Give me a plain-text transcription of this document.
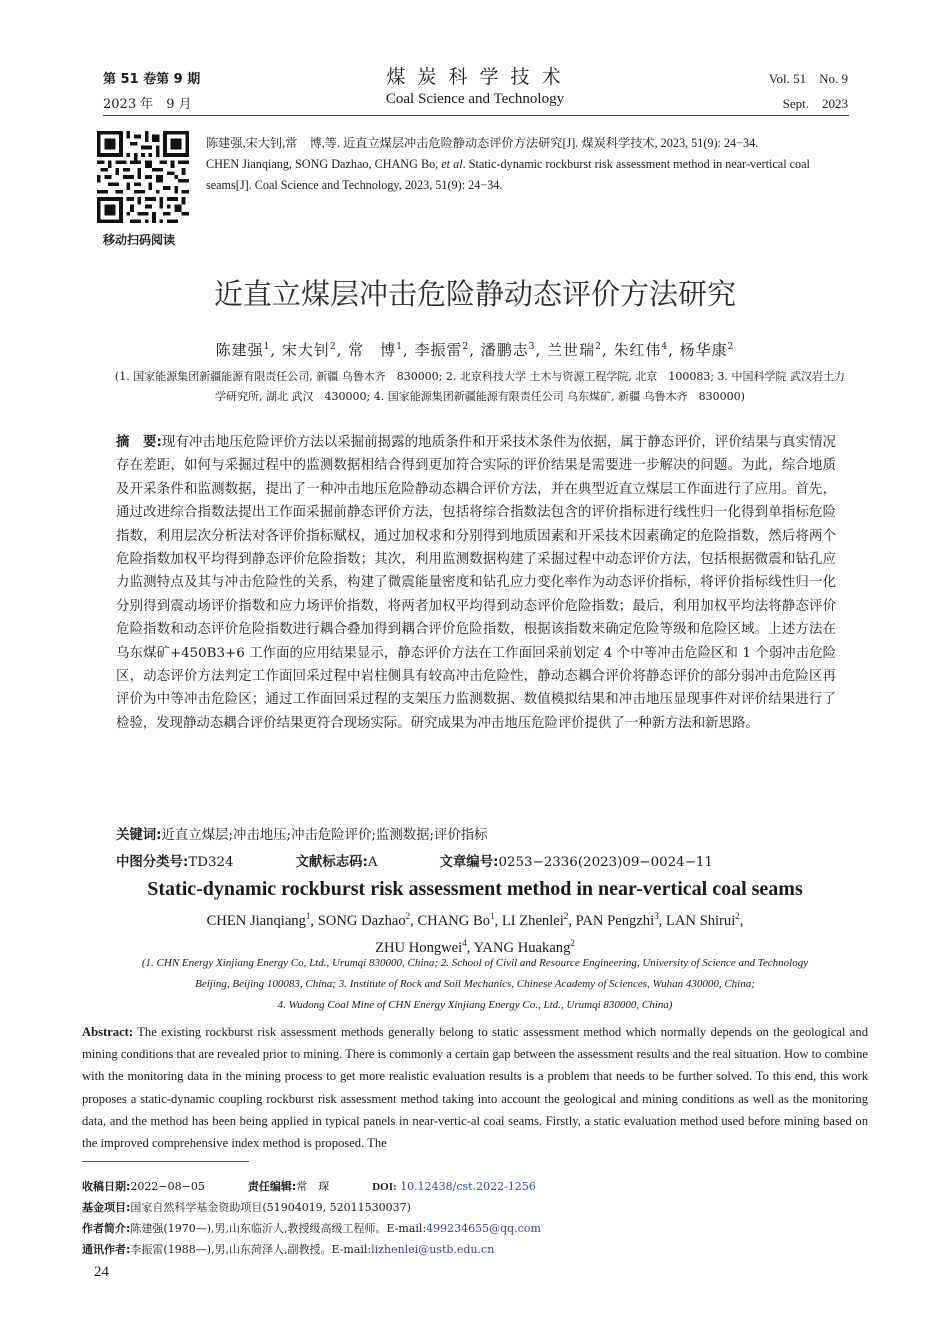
第 51 卷第 9 期
2023 年　9 月
煤 炭 科 学 技 术
Coal Science and Technology
Vol. 51　No. 9
Sept.　2023
移动扫码阅读
陈建强,宋大钊,常　博,等. 近直立煤层冲击危险静动态评价方法研究[J]. 煤炭科学技术, 2023, 51(9): 24−34.
CHEN Jianqiang, SONG Dazhao, CHANG Bo, et al. Static-dynamic rockburst risk assessment method in near-vertical coal seams[J]. Coal Science and Technology, 2023, 51(9): 24−34.
近直立煤层冲击危险静动态评价方法研究
陈建强$^1$, 宋大钊$^2$, 常　博$^1$, 李振雷$^2$, 潘鹏志$^3$, 兰世瑞$^2$, 朱红伟$^4$, 杨华康$^2$
(1. 国家能源集团新疆能源有限责任公司, 新疆 乌鲁木齐　830000; 2. 北京科技大学 土木与资源工程学院, 北京　100083; 3. 中国科学院 武汉岩土力
学研究所, 湖北 武汉　430000; 4. 国家能源集团新疆能源有限责任公司 乌东煤矿, 新疆 乌鲁木齐　830000)
摘　要:现有冲击地压危险评价方法以采掘前揭露的地质条件和开采技术条件为依据，属于静态评价，评价结果与真实情况存在差距，如何与采掘过程中的监测数据相结合得到更加符合实际的评价结果是需要进一步解决的问题。为此，综合地质及开采条件和监测数据，提出了一种冲击地压危险静动态耦合评价方法，并在典型近直立煤层工作面进行了应用。首先，通过改进综合指数法提出工作面采掘前静态评价方法，包括将综合指数法包含的评价指标进行线性归一化得到单指标危险指数，利用层次分析法对各评价指标赋权，通过加权求和分别得到地质因素和开采技术因素确定的危险指数，然后将两个危险指数加权平均得到静态评价危险指数；其次，利用监测数据构建了采掘过程中动态评价方法，包括根据微震和钻孔应力监测特点及其与冲击危险性的关系，构建了微震能量密度和钻孔应力变化率作为动态评价指标，将评价指标线性归一化分别得到震动场评价指数和应力场评价指数，将两者加权平均得到动态评价危险指数；最后，利用加权平均法将静态评价危险指数和动态评价危险指数进行耦合叠加得到耦合评价危险指数，根据该指数来确定危险等级和危险区域。上述方法在乌东煤矿+450B3+6 工作面的应用结果显示，静态评价方法在工作面回采前划定 4 个中等冲击危险区和 1 个弱冲击危险区，动态评价方法判定工作面回采过程中岩柱侧具有较高冲击危险性，静动态耦合评价将静态评价的部分弱冲击危险区再评价为中等冲击危险区；通过工作面回采过程的支架压力监测数据、数值模拟结果和冲击地压显现事件对评价结果进行了检验，发现静动态耦合评价结果更符合现场实际。研究成果为冲击地压危险评价提供了一种新方法和新思路。
关键词:近直立煤层;冲击地压;冲击危险评价;监测数据;评价指标
中图分类号:TD324	文献标志码:A	文章编号:0253−2336(2023)09−0024−11
Static-dynamic rockburst risk assessment method in near-vertical coal seams
CHEN Jianqiang$^1$, SONG Dazhao$^2$, CHANG Bo$^1$, LI Zhenlei$^2$, PAN Pengzhi$^3$, LAN Shirui$^2$,
ZHU Hongwei$^4$, YANG Huakang$^2$
(1. CHN Energy Xinjiang Energy Co, Ltd., Urumqi 830000, China; 2. School of Civil and Resource Engineering, University of Science and Technology
Beijing, Beijing 100083, China; 3. Institute of Rock and Soil Mechanics, Chinese Academy of Sciences, Wuhan 430000, China;
4. Wudong Coal Mine of CHN Energy Xinjiang Energy Co., Ltd., Urumqi 830000, China)
Abstract: The existing rockburst risk assessment methods generally belong to static assessment method which normally depends on the geological and mining conditions that are revealed prior to mining. There is commonly a certain gap between the assessment results and the real situation. How to combine with the monitoring data in the mining process to get more realistic evaluation results is a problem that needs to be further solved. To this end, this work proposes a static-dynamic coupling rockburst risk assessment method taking into account the geological and mining conditions as well as the monitoring data, and the method has been being applied in typical panels in near-vertic-al coal seams. Firstly, a static evaluation method used before mining based on the improved comprehensive index method is proposed. The
收稿日期:2022−08−05	责任编辑:常　琛	DOI: 10.12438/cst.2022-1256
基金项目:国家自然科学基金资助项目(51904019, 52011530037)
作者简介:陈建强(1970—),男,山东临沂人,教授级高级工程师。E-mail:499234655@qq.com
通讯作者:李振雷(1988—),男,山东菏泽人,副教授。E-mail:lizhenlei@ustb.edu.cn
24
